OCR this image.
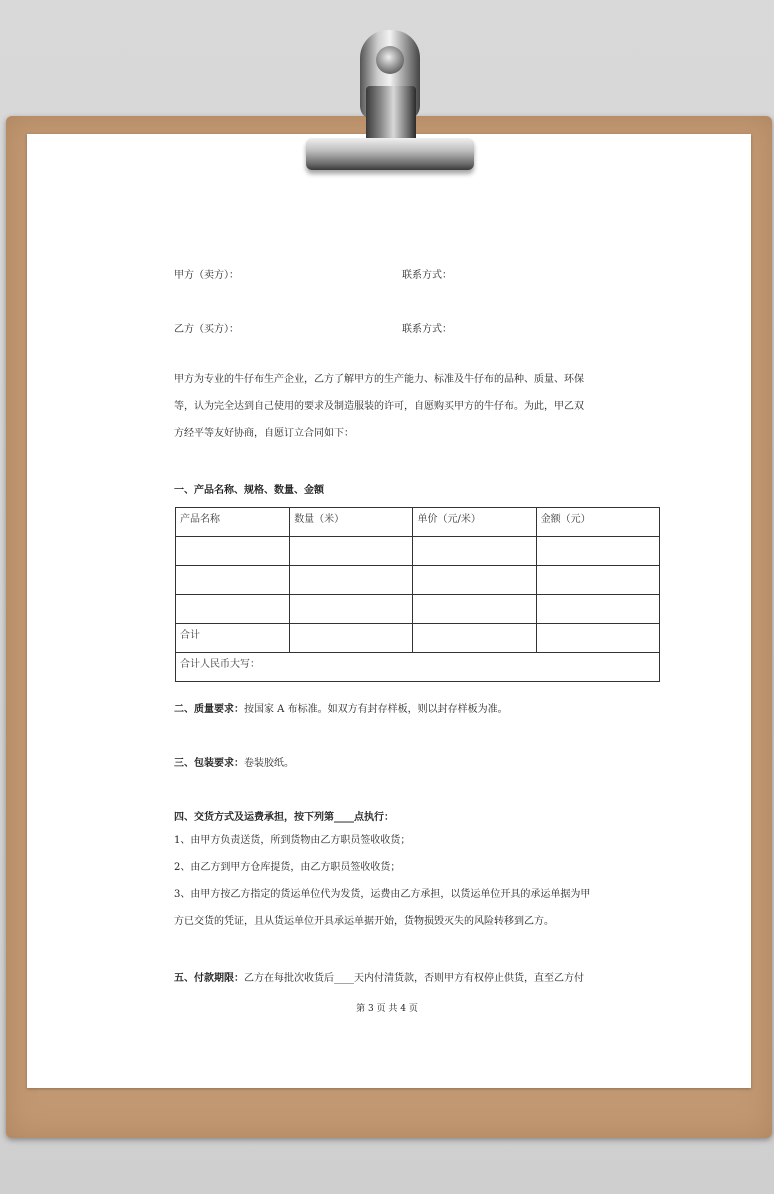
甲方（卖方）：	联系方式：
乙方（买方）：	联系方式：
甲方为专业的牛仔布生产企业，乙方了解甲方的生产能力、标准及牛仔布的品种、质量、环保
等，认为完全达到自己使用的要求及制造服装的许可，自愿购买甲方的牛仔布。为此，甲乙双
方经平等友好协商，自愿订立合同如下：
一、产品名称、规格、数量、金额
产品名称	数量（米）	单价（元/米）	金额（元）

合计			
合计人民币大写：			
二、质量要求：按国家 A 布标准。如双方有封存样板，则以封存样板为准。
三、包装要求：卷装胶纸。
四、交货方式及运费承担，按下列第____点执行：
1、由甲方负责送货，所到货物由乙方职员签收收货；
2、由乙方到甲方仓库提货，由乙方职员签收收货；
3、由甲方按乙方指定的货运单位代为发货，运费由乙方承担，以货运单位开具的承运单据为甲
方已交货的凭证，且从货运单位开具承运单据开始，货物损毁灭失的风险转移到乙方。
五、付款期限：乙方在每批次收货后____天内付清货款，否则甲方有权停止供货，直至乙方付
第 3 页 共 4 页
